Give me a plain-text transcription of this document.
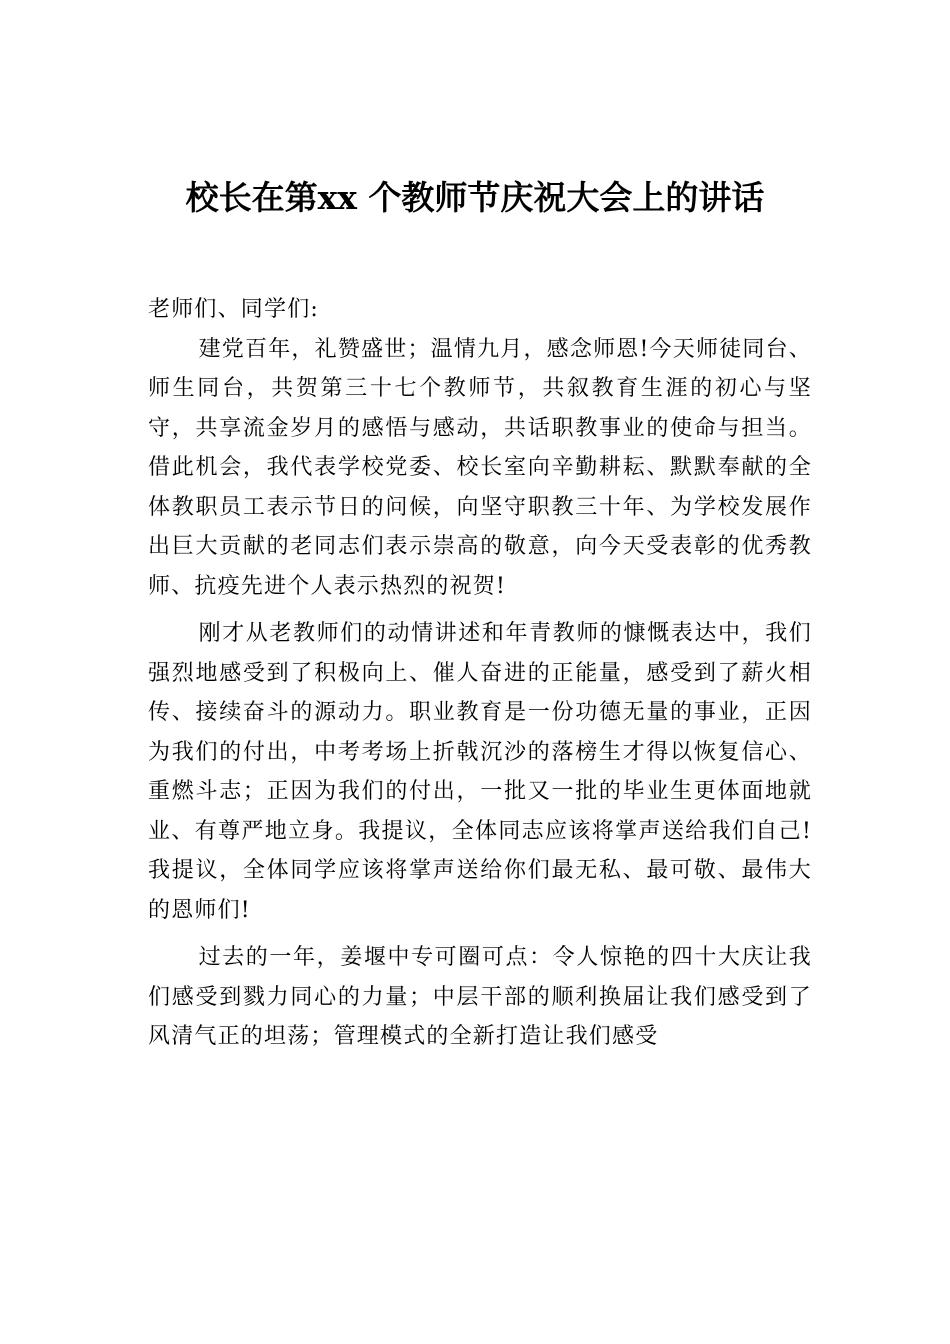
校长在第xx 个教师节庆祝大会上的讲话

老师们、同学们:

建党百年，礼赞盛世；温情九月，感念师恩!今天师徒同台、师生同台，共贺第三十七个教师节，共叙教育生涯的初心与坚守，共享流金岁月的感悟与感动，共话职教事业的使命与担当。借此机会，我代表学校党委、校长室向辛勤耕耘、默默奉献的全体教职员工表示节日的问候，向坚守职教三十年、为学校发展作出巨大贡献的老同志们表示崇高的敬意，向今天受表彰的优秀教师、抗疫先进个人表示热烈的祝贺!

刚才从老教师们的动情讲述和年青教师的慷慨表达中，我们强烈地感受到了积极向上、催人奋进的正能量，感受到了薪火相传、接续奋斗的源动力。职业教育是一份功德无量的事业，正因为我们的付出，中考考场上折戟沉沙的落榜生才得以恢复信心、重燃斗志；正因为我们的付出，一批又一批的毕业生更体面地就业、有尊严地立身。我提议，全体同志应该将掌声送给我们自己!我提议，全体同学应该将掌声送给你们最无私、最可敬、最伟大的恩师们!

过去的一年，姜堰中专可圈可点：令人惊艳的四十大庆让我们感受到戮力同心的力量；中层干部的顺利换届让我们感受到了风清气正的坦荡；管理模式的全新打造让我们感受
